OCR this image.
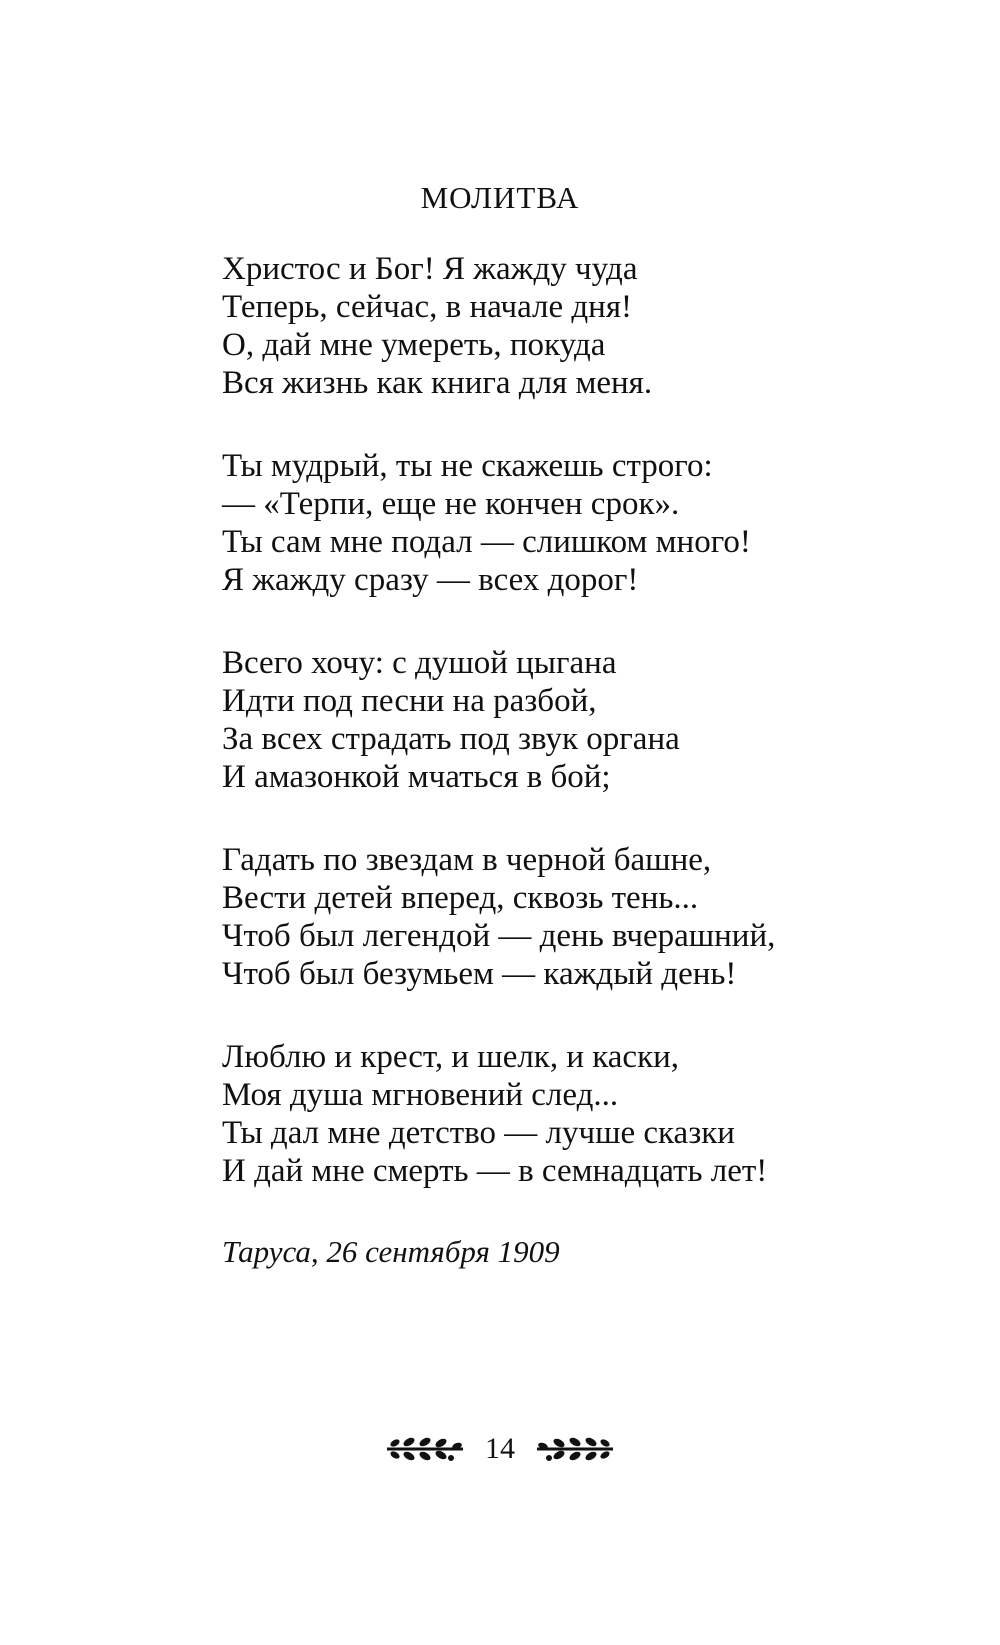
МОЛИТВА
Христос и Бог! Я жажду чуда
Теперь, сейчас, в начале дня!
О, дай мне умереть, покуда
Вся жизнь как книга для меня.
Ты мудрый, ты не скажешь строго:
— «Терпи, еще не кончен срок».
Ты сам мне подал — слишком много!
Я жажду сразу — всех дорог!
Всего хочу: с душой цыгана
Идти под песни на разбой,
За всех страдать под звук органа
И амазонкой мчаться в бой;
Гадать по звездам в черной башне,
Вести детей вперед, сквозь тень...
Чтоб был легендой — день вчерашний,
Чтоб был безумьем — каждый день!
Люблю и крест, и шелк, и каски,
Моя душа мгновений след...
Ты дал мне детство — лучше сказки
И дай мне смерть — в семнадцать лет!
Таруса, 26 сентября 1909
14
